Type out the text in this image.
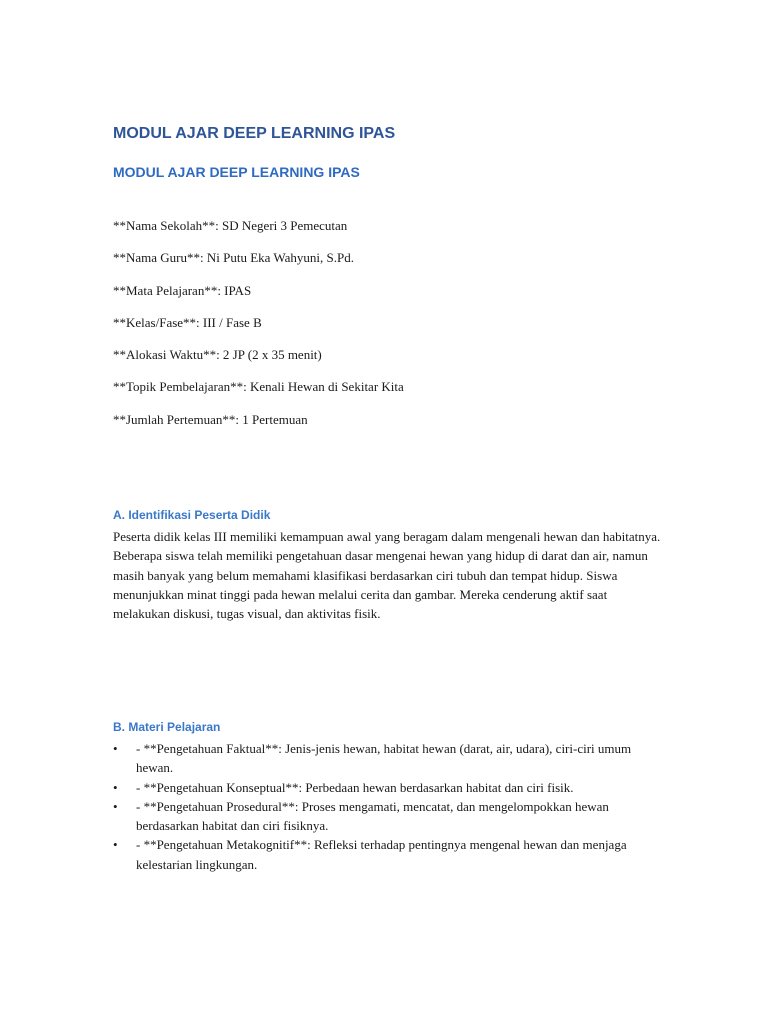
MODUL AJAR DEEP LEARNING IPAS
MODUL AJAR DEEP LEARNING IPAS
**Nama Sekolah**: SD Negeri 3 Pemecutan
**Nama Guru**: Ni Putu Eka Wahyuni, S.Pd.
**Mata Pelajaran**: IPAS
**Kelas/Fase**: III / Fase B
**Alokasi Waktu**: 2 JP (2 x 35 menit)
**Topik Pembelajaran**: Kenali Hewan di Sekitar Kita
**Jumlah Pertemuan**: 1 Pertemuan
A. Identifikasi Peserta Didik

Peserta didik kelas III memiliki kemampuan awal yang beragam dalam mengenali hewan dan habitatnya. Beberapa siswa telah memiliki pengetahuan dasar mengenai hewan yang hidup di darat dan air, namun masih banyak yang belum memahami klasifikasi berdasarkan ciri tubuh dan tempat hidup. Siswa menunjukkan minat tinggi pada hewan melalui cerita dan gambar. Mereka cenderung aktif saat melakukan diskusi, tugas visual, dan aktivitas fisik.

B. Materi Pelajaran
•	- **Pengetahuan Faktual**: Jenis-jenis hewan, habitat hewan (darat, air, udara), ciri-ciri umum hewan.
•	- **Pengetahuan Konseptual**: Perbedaan hewan berdasarkan habitat dan ciri fisik.
•	- **Pengetahuan Prosedural**: Proses mengamati, mencatat, dan mengelompokkan hewan berdasarkan habitat dan ciri fisiknya.
•	- **Pengetahuan Metakognitif**: Refleksi terhadap pentingnya mengenal hewan dan menjaga kelestarian lingkungan.
